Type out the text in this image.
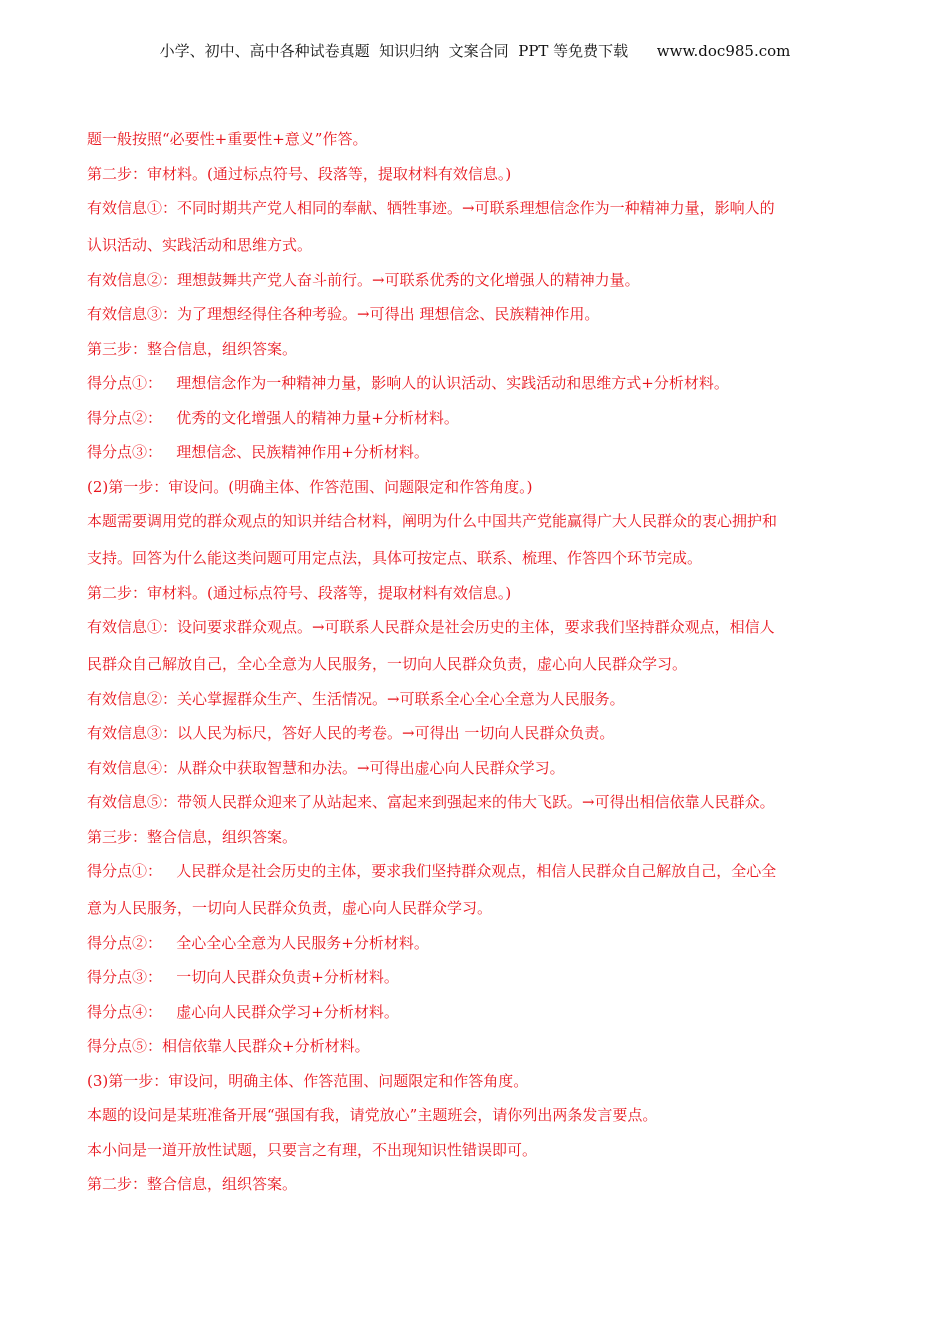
小学、初中、高中各种试卷真题  知识归纳  文案合同  PPT 等免费下载      www.doc985.com
题一般按照“必要性+重要性+意义”作答。
第二步：审材料。(通过标点符号、段落等，提取材料有效信息。)
有效信息①：不同时期共产党人相同的奉献、牺牲事迹。→可联系理想信念作为一种精神力量，影响人的
认识活动、实践活动和思维方式。
有效信息②：理想鼓舞共产党人奋斗前行。→可联系优秀的文化增强人的精神力量。
有效信息③：为了理想经得住各种考验。→可得出 理想信念、民族精神作用。
第三步：整合信息，组织答案。
得分点①：   理想信念作为一种精神力量，影响人的认识活动、实践活动和思维方式+分析材料。
得分点②：   优秀的文化增强人的精神力量+分析材料。
得分点③：   理想信念、民族精神作用+分析材料。
(2)第一步：审设问。(明确主体、作答范围、问题限定和作答角度。)
本题需要调用党的群众观点的知识并结合材料，阐明为什么中国共产党能赢得广大人民群众的衷心拥护和
支持。回答为什么能这类问题可用定点法，具体可按定点、联系、梳理、作答四个环节完成。
第二步：审材料。(通过标点符号、段落等，提取材料有效信息。)
有效信息①：设问要求群众观点。→可联系人民群众是社会历史的主体，要求我们坚持群众观点，相信人
民群众自己解放自己，全心全意为人民服务，一切向人民群众负责，虚心向人民群众学习。
有效信息②：关心掌握群众生产、生活情况。→可联系全心全心全意为人民服务。
有效信息③：以人民为标尺，答好人民的考卷。→可得出 一切向人民群众负责。
有效信息④：从群众中获取智慧和办法。→可得出虚心向人民群众学习。
有效信息⑤：带领人民群众迎来了从站起来、富起来到强起来的伟大飞跃。→可得出相信依靠人民群众。
第三步：整合信息，组织答案。
得分点①：   人民群众是社会历史的主体，要求我们坚持群众观点，相信人民群众自己解放自己，全心全
意为人民服务，一切向人民群众负责，虚心向人民群众学习。
得分点②：   全心全心全意为人民服务+分析材料。
得分点③：   一切向人民群众负责+分析材料。
得分点④：   虚心向人民群众学习+分析材料。
得分点⑤：相信依靠人民群众+分析材料。
(3)第一步：审设问，明确主体、作答范围、问题限定和作答角度。
本题的设问是某班准备开展“强国有我，请党放心”主题班会，请你列出两条发言要点。
本小问是一道开放性试题，只要言之有理，不出现知识性错误即可。
第二步：整合信息，组织答案。
